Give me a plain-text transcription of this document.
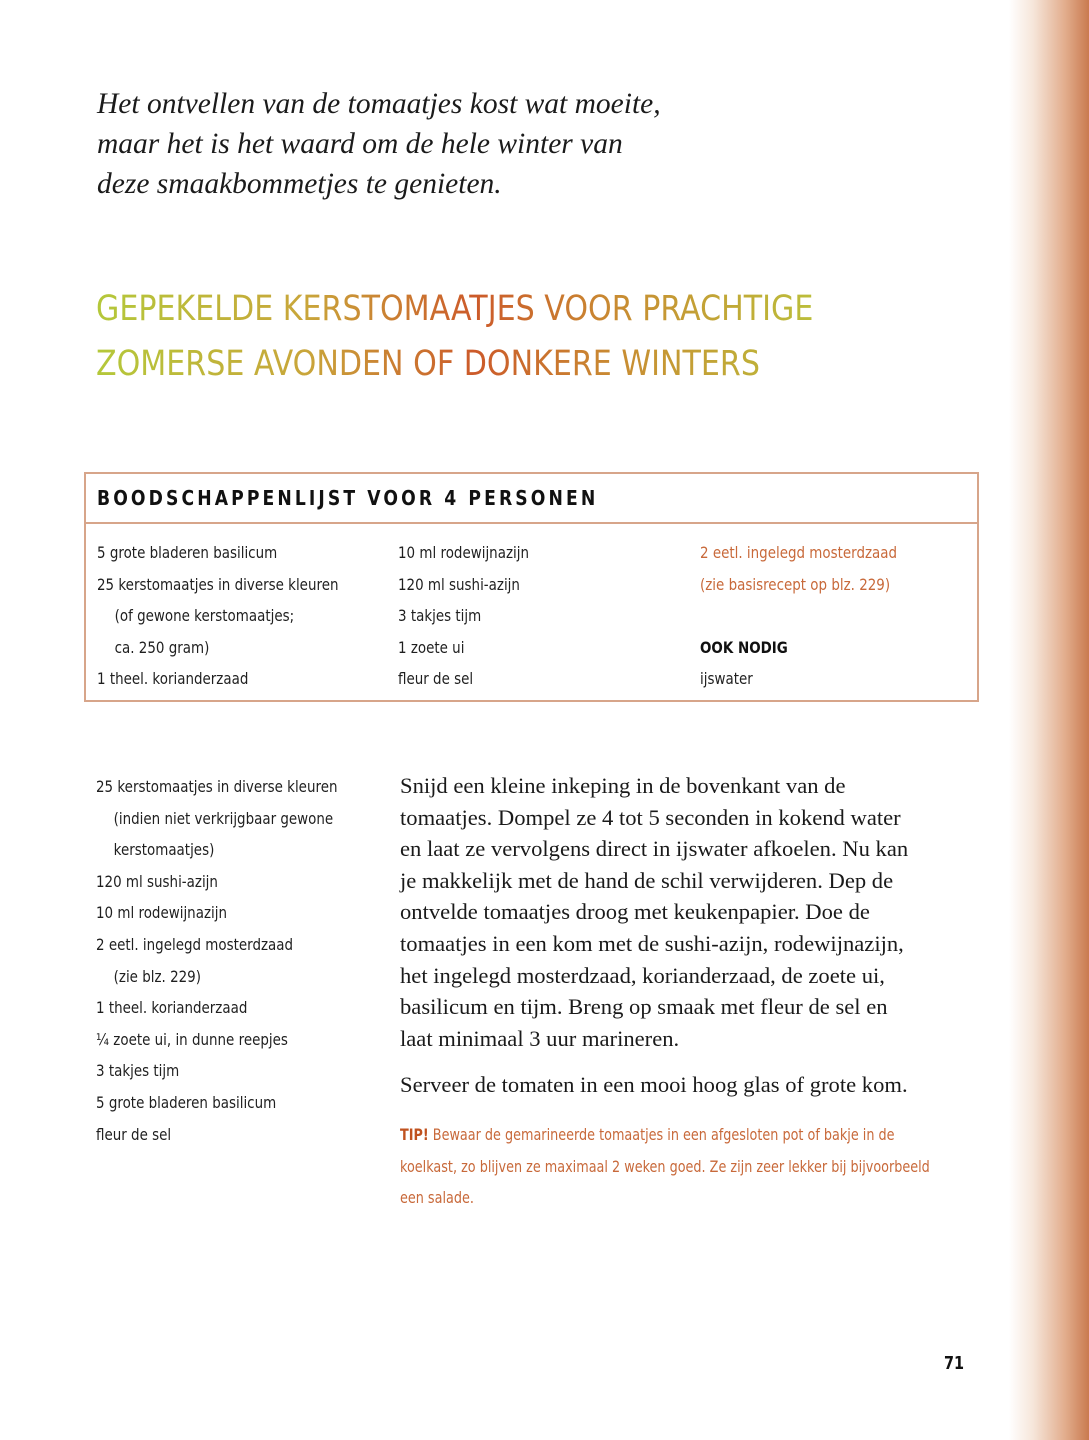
Het ontvellen van de tomaatjes kost wat moeite,
maar het is het waard om de hele winter van
deze smaakbommetjes te genieten.
GEPEKELDE KERSTOMAATJES VOOR PRACHTIGE
ZOMERSE AVONDEN OF DONKERE WINTERS
BOODSCHAPPENLIJST VOOR 4 PERSONEN
5 grote bladeren basilicum
25 kerstomaatjes in diverse kleuren
(of gewone kerstomaatjes;
ca. 250 gram)
1 theel. korianderzaad
10 ml rodewijnazijn
120 ml sushi-azijn
3 takjes tijm
1 zoete ui
fleur de sel
2 eetl. ingelegd mosterdzaad
(zie basisrecept op blz. 229)
OOK NODIG
ijswater
25 kerstomaatjes in diverse kleuren
(indien niet verkrijgbaar gewone
kerstomaatjes)
120 ml sushi-azijn
10 ml rodewijnazijn
2 eetl. ingelegd mosterdzaad
(zie blz. 229)
1 theel. korianderzaad
¼ zoete ui, in dunne reepjes
3 takjes tijm
5 grote bladeren basilicum
fleur de sel
Snijd een kleine inkeping in de bovenkant van de
tomaatjes. Dompel ze 4 tot 5 seconden in kokend water
en laat ze vervolgens direct in ijswater afkoelen. Nu kan
je makkelijk met de hand de schil verwijderen. Dep de
ontvelde tomaatjes droog met keukenpapier. Doe de
tomaatjes in een kom met de sushi-azijn, rodewijnazijn,
het ingelegd mosterdzaad, korianderzaad, de zoete ui,
basilicum en tijm. Breng op smaak met fleur de sel en
laat minimaal 3 uur marineren.
Serveer de tomaten in een mooi hoog glas of grote kom.
TIP! Bewaar de gemarineerde tomaatjes in een afgesloten pot of bakje in de
koelkast, zo blijven ze maximaal 2 weken goed. Ze zijn zeer lekker bij bijvoorbeeld
een salade.
71
